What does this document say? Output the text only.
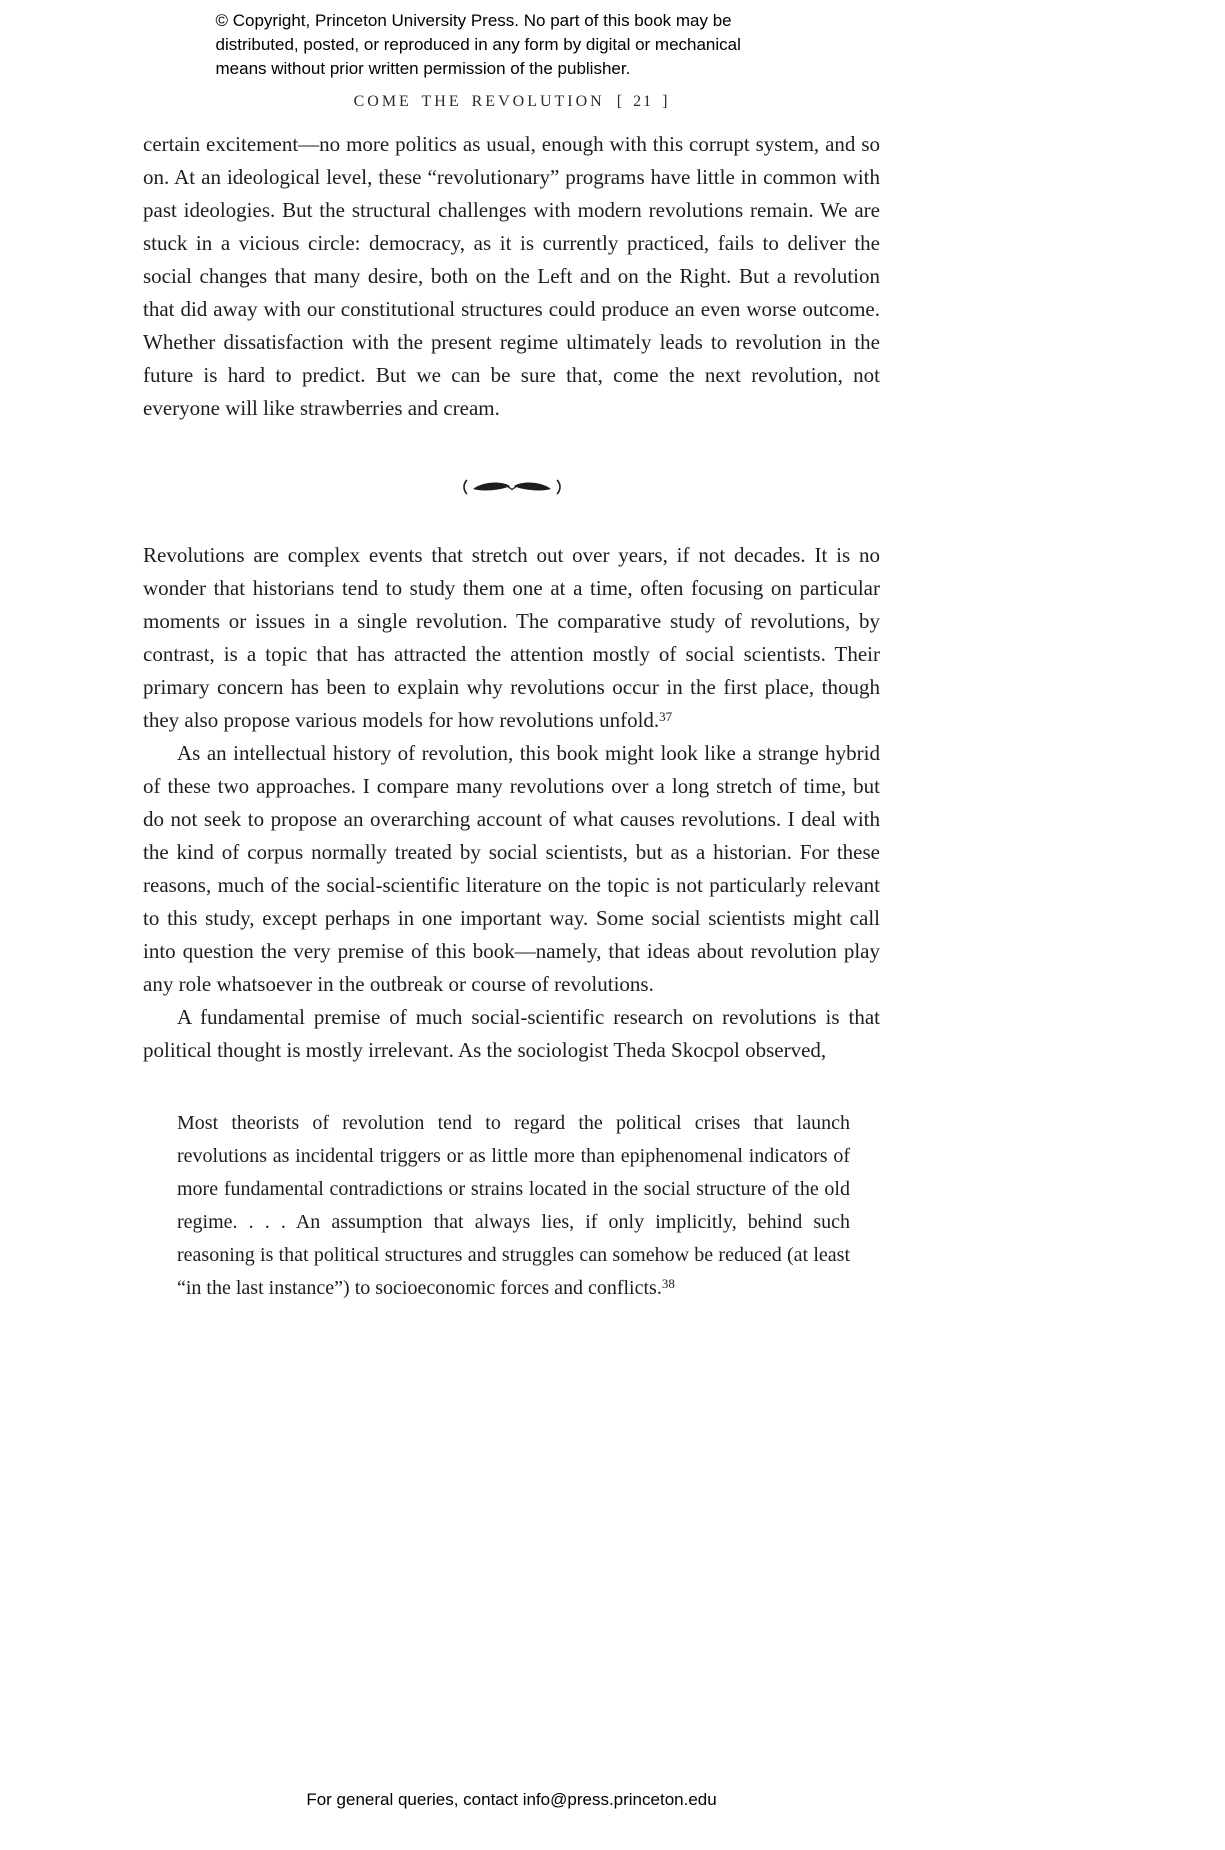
© Copyright, Princeton University Press. No part of this book may be
distributed, posted, or reproduced in any form by digital or mechanical
means without prior written permission of the publisher.
COME THE REVOLUTION [ 21 ]

certain excitement—no more politics as usual, enough with this corrupt system, and so on. At an ideological level, these “revolutionary” programs have little in common with past ideologies. But the structural challenges with modern revolutions remain. We are stuck in a vicious circle: democracy, as it is currently practiced, fails to deliver the social changes that many desire, both on the Left and on the Right. But a revolution that did away with our constitutional structures could produce an even worse outcome. Whether dissatisfaction with the present regime ultimately leads to revolution in the future is hard to predict. But we can be sure that, come the next revolution, not everyone will like strawberries and cream.

Revolutions are complex events that stretch out over years, if not decades. It is no wonder that historians tend to study them one at a time, often focusing on particular moments or issues in a single revolution. The comparative study of revolutions, by contrast, is a topic that has attracted the attention mostly of social scientists. Their primary concern has been to explain why revolutions occur in the first place, though they also propose various models for how revolutions unfold.$^{37}$

As an intellectual history of revolution, this book might look like a strange hybrid of these two approaches. I compare many revolutions over a long stretch of time, but do not seek to propose an overarching account of what causes revolutions. I deal with the kind of corpus normally treated by social scientists, but as a historian. For these reasons, much of the social-scientific literature on the topic is not particularly relevant to this study, except perhaps in one important way. Some social scientists might call into question the very premise of this book—namely, that ideas about revolution play any role whatsoever in the outbreak or course of revolutions.

A fundamental premise of much social-scientific research on revolutions is that political thought is mostly irrelevant. As the sociologist Theda Skocpol observed,

Most theorists of revolution tend to regard the political crises that launch revolutions as incidental triggers or as little more than epiphenomenal indicators of more fundamental contradictions or strains located in the social structure of the old regime. . . . An assumption that always lies, if only implicitly, behind such reasoning is that political structures and struggles can somehow be reduced (at least “in the last instance”) to socioeconomic forces and conflicts.$^{38}$
For general queries, contact info@press.princeton.edu
